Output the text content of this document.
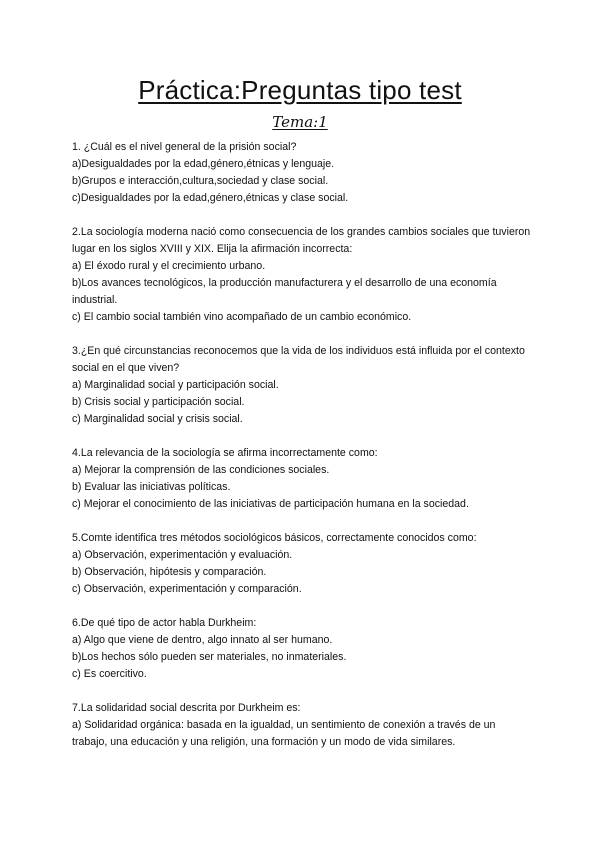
Práctica:Preguntas tipo test
Tema:1

1. ¿Cuál es el nivel general de la prisión social?

a)Desigualdades por la edad,género,étnicas y lenguaje.

b)Grupos e interacción,cultura,sociedad y clase social.

c)Desigualdades por la edad,género,étnicas y clase social.

2.La sociología moderna nació como consecuencia de los grandes cambios sociales que tuvieron lugar en los siglos XVIII y XIX. Elija la afirmación incorrecta:

a) El éxodo rural y el crecimiento urbano.

b)Los avances tecnológicos, la producción manufacturera y el desarrollo de una economía industrial.

c) El cambio social también vino acompañado de un cambio económico.

3.¿En qué circunstancias reconocemos que la vida de los individuos está influida por el contexto social en el que viven?

a) Marginalidad social y participación social.

b) Crisis social y participación social.

c) Marginalidad social y crisis social.

4.La relevancia de la sociología se afirma incorrectamente como:

a) Mejorar la comprensión de las condiciones sociales.

b) Evaluar las iniciativas políticas.

c) Mejorar el conocimiento de las iniciativas de participación humana en la sociedad.

5.Comte identifica tres métodos sociológicos básicos, correctamente conocidos como:

a) Observación, experimentación y evaluación.

b) Observación, hipótesis y comparación.

c) Observación, experimentación y comparación.

6.De qué tipo de actor habla Durkheim:

a) Algo que viene de dentro, algo innato al ser humano.

b)Los hechos sólo pueden ser materiales, no inmateriales.

c) Es coercitivo.

7.La solidaridad social descrita por Durkheim es:

a) Solidaridad orgánica: basada en la igualdad, un sentimiento de conexión a través de un trabajo, una educación y una religión, una formación y un modo de vida similares.
